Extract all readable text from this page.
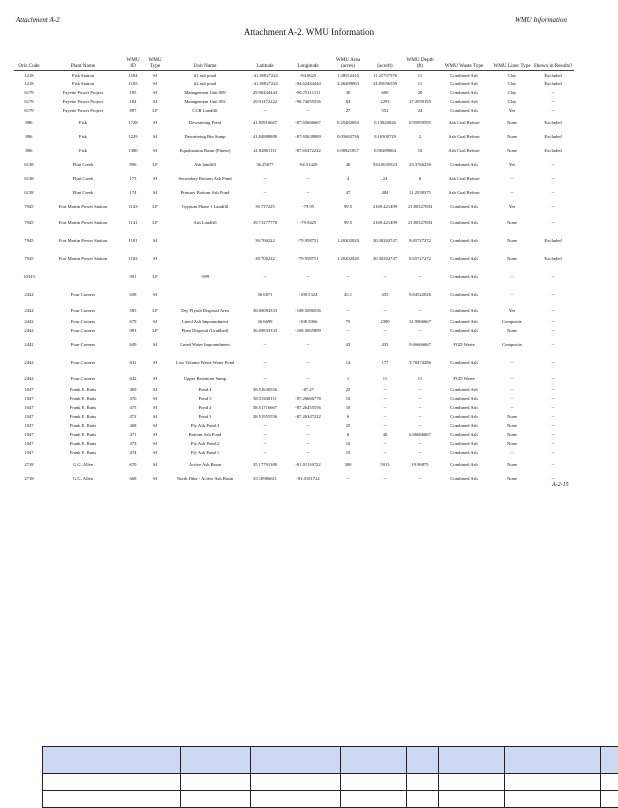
Attachment A-2	WMU Information
Attachment A-2. WMU Information
Oris Code	Plant Name	WMU ID	WMU Type	Unit Name	Latitude	Longitude	WMU Area (acres)	(acreft)	WMU Depth (ft)	WMU Waste Type	WMU Liner Type	Shown in Results?
1218	Fisk Station	1184	SI	#1 ash pond	-41.85827222	-94.6625	1.38552416	11.25757576	11	Combined Ash	Clay	Excluded
1218	Fisk Station	1185	SI	#2 ash pond	-41.85827222	-94.62444444	2.26289063	24.85656559	11	Combined Ash	Clay	Excluded
6179	Fayette Power Project	185	SI	Management Unit 009	29.90444444	-96.75111111	30	600	20	Combined Ash	Clay	--
6179	Fayette Power Project	184	SI	Management Unit 002	29.91472222	-96.74055556	84	2293	27.2939195	Combined Ash	Clay	--
6179	Fayette Power Project	897	LF	CCR Landfill	--	--	27	552	24	Combined Ash	Yes	--
886	Fisk	1728	SI	Dewatering Pond	41.85916667	-87.65666667	0.25482094	0.13820026	0.95959595	Ash Coal Refuse	None	Excluded
886	Fisk	1229	SI	Dewatering Bin Sump	41.84888889	-87.65638889	0.05692736	0.10300729	2	Ash Coal Refuse	None	Excluded
886	Fisk	1380	SI	Equalization Basin (Flume)	41.84861111	-87.65472222	0.00821857	0.00289064	10	Ash Coal Refuse	None	Excluded
6138	Flint Creek	896	LF	Ash landfill	36.25677	-94.51429	40	934.0635923	23.3766256	Combined Ash	Yes	--
6138	Flint Creek	173	SI	Secondary Bottom Ash Pond	--	--	4	24	6	Ash Coal Refuse	--	--
6138	Flint Creek	174	SI	Primary Bottom Ash Pond	--	--	47	484	11.2558375	Ash Coal Refuse	--	--
7945	Fort Martin Power Station	1143	LF	Gypsum Phase 1 Landfill	39.737225	-79.95	99.5	2169.421499	21.80327004	Combined Ash	Yes	--
7945	Fort Martin Power Station	1141	LF	Ash Landfill	39.71277778	-79.9425	99.5	2169.421499	21.80327004	Combined Ash	None	--
7945	Fort Martin Power Station	1181	SI		39.706222	-79.958751	1.20202020	30.30202747	8.65727272	Combined Ash	None	Excluded
7945	Fort Martin Power Station	1182	SI		39.706222	-79.958751	1.20202020	30.30202747	8.65727272	Combined Ash	None	Excluded
10343		901	LF	-999	--	--	--	--	--	Combined Ash	--	--
2442	Four Corners	658	SI		36.6871	-108.5324	45.1	455	9.64522026	Combined Ash	--	--
2442	Four Corners	585	LF	Dry Flyash Disposal Area	36.69083333	-108.5086556	--	--	--	Combined Ash	Yes	--
2442	Four Corners	679	SI	Lined Ash Impoundment	36.6699	-108.5066	75	2390	31.9866667	Combined Ash	Composite	--
2442	Four Corners	983	LF	Plant Disposal (Grubbed)	36.69833333	-108.5065889	--	--	--	Combined Ash	None	--
2442	Four Corners	649	SI	Lined Water Impoundment	--	--	43	435	9.66666667	FGD Waste	Composite	--
2442	Four Corners	641	SI	Low Volume Waste Water Pond	--	--	14	177	9.78474286	Combined Ash	--	--
2442	Four Corners	642	SI	Upper Retention Sump	--	--	1	11	11	FGD Waste	--	--
1047	Frank E. Ratts	469	SI	Pond 4	38.51630556	-87.27	25	--	--	Combined Ash	--	--
1047	Frank E. Ratts	470	SI	Pond 3	38.51630111	-87.26666778	10	--	--	Combined Ash	--	--
1047	Frank E. Ratts	475	SI	Pond 2	38.51716667	-87.26455556	10	--	--	Combined Ash	--	--
1047	Frank E. Ratts	472	SI	Pond 1	38.51955556	-87.26347222	6	--	--	Combined Ash	None	--
1047	Frank E. Ratts	468	SI	Fly Ash Pond 3	--	--	25	--	--	Combined Ash	None	--
1047	Frank E. Ratts	471	SI	Bottom Ash Pond	--	--	6	40	6.66666667	Combined Ash	None	--
1047	Frank E. Ratts	473	SI	Fly Ash Pond 2	--	--	16	--	--	Combined Ash	None	--
1047	Frank E. Ratts	474	SI	Fly Ash Pond 1	--	--	10	--	--	Combined Ash	--	--
2718	G.G. Allen	670	SI	Active Ash Basin	35.17791389	-81.01116722	300	5915	19.96875	Combined Ash	None	--
2718	G.G. Allen	668	SI	North Dike - Active Ash Basin	35.18986611	-81.0101722	--	--	--	Combined Ash	None	--
A-2-15
